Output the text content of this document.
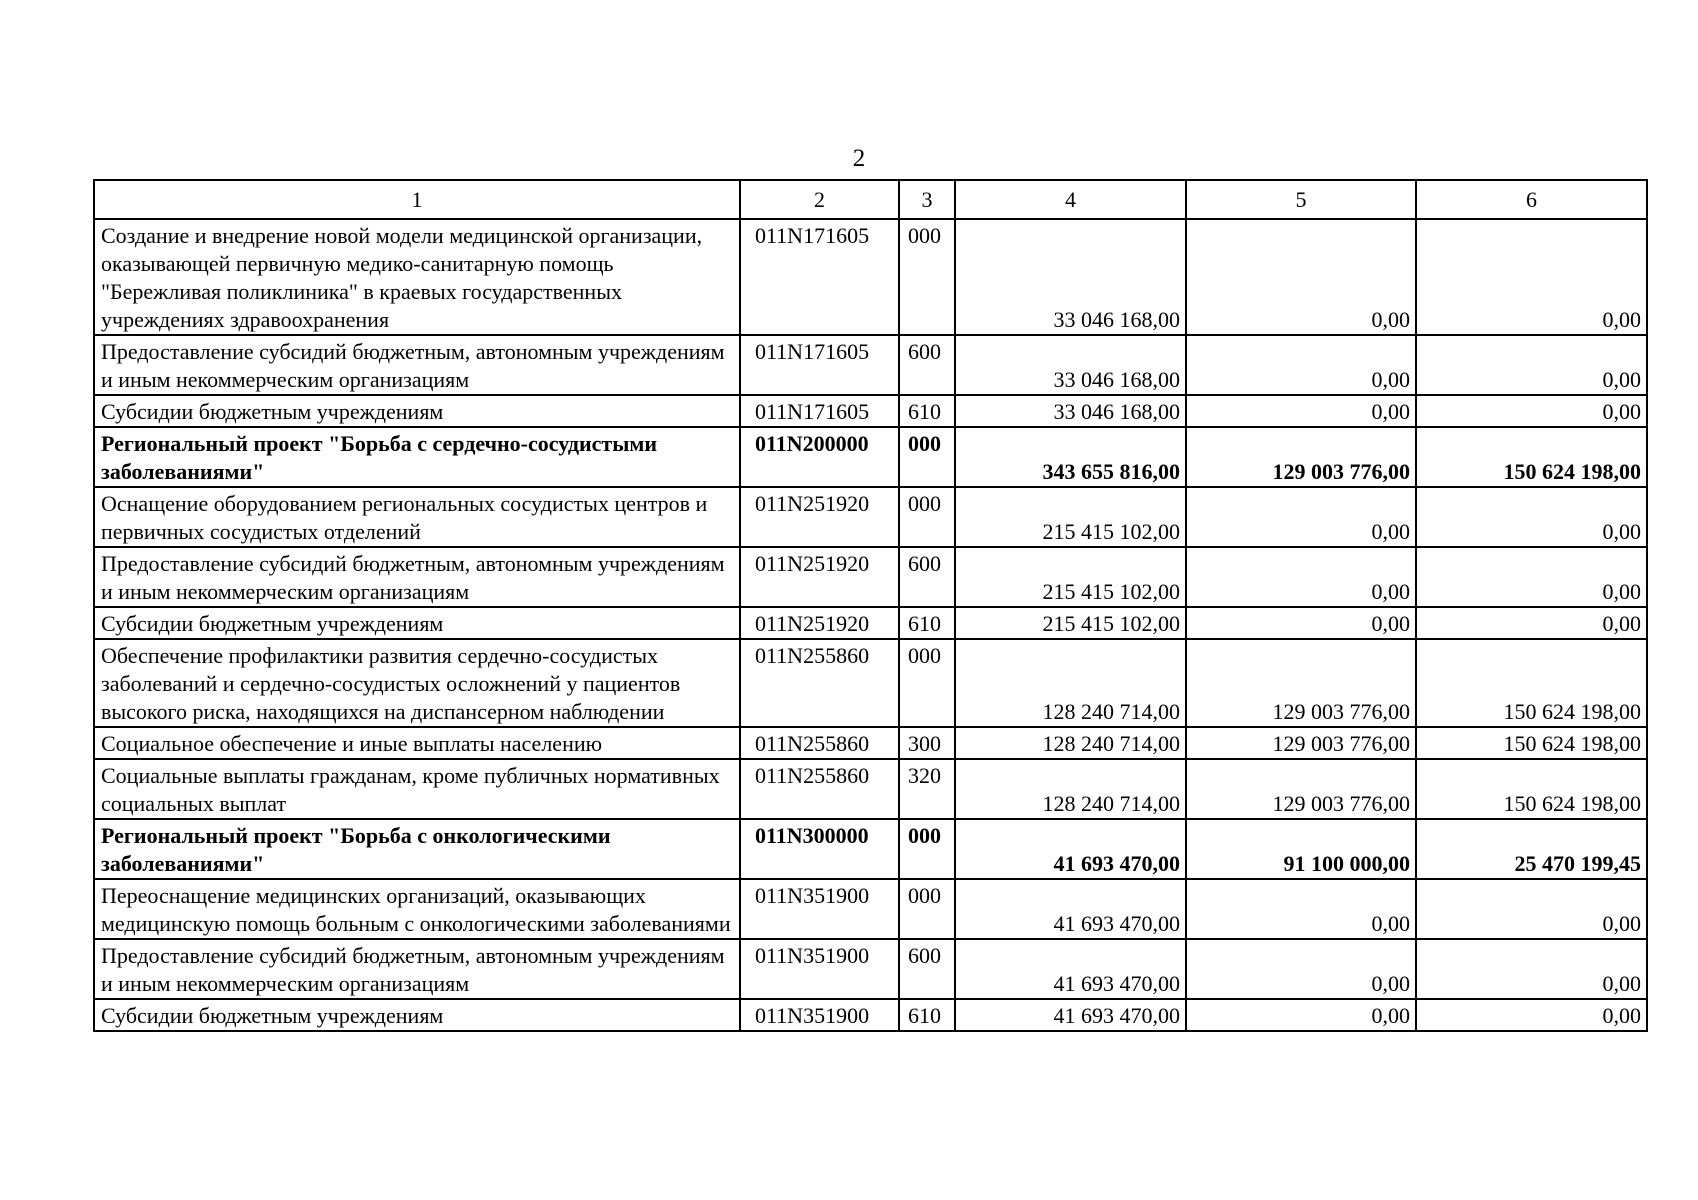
2
1	2	3	4	5	6
Создание и внедрение новой модели медицинской организации, оказывающей первичную медико-санитарную помощь "Бережливая поликлиника" в краевых государственных учреждениях здравоохранения	011N171605	000	33 046 168,00	0,00	0,00
Предоставление субсидий бюджетным, автономным учреждениям и иным некоммерческим организациям	011N171605	600	33 046 168,00	0,00	0,00
Субсидии бюджетным учреждениям	011N171605	610	33 046 168,00	0,00	0,00
Региональный проект "Борьба с сердечно-сосудистыми заболеваниями"	011N200000	000	343 655 816,00	129 003 776,00	150 624 198,00
Оснащение оборудованием региональных сосудистых центров и первичных сосудистых отделений	011N251920	000	215 415 102,00	0,00	0,00
Предоставление субсидий бюджетным, автономным учреждениям и иным некоммерческим организациям	011N251920	600	215 415 102,00	0,00	0,00
Субсидии бюджетным учреждениям	011N251920	610	215 415 102,00	0,00	0,00
Обеспечение профилактики развития сердечно-сосудистых заболеваний и сердечно-сосудистых осложнений у пациентов высокого риска, находящихся на диспансерном наблюдении	011N255860	000	128 240 714,00	129 003 776,00	150 624 198,00
Социальное обеспечение и иные выплаты населению	011N255860	300	128 240 714,00	129 003 776,00	150 624 198,00
Социальные выплаты гражданам, кроме публичных нормативных социальных выплат	011N255860	320	128 240 714,00	129 003 776,00	150 624 198,00
Региональный проект "Борьба с онкологическими заболеваниями"	011N300000	000	41 693 470,00	91 100 000,00	25 470 199,45
Переоснащение медицинских организаций, оказывающих медицинскую помощь больным с онкологическими заболеваниями	011N351900	000	41 693 470,00	0,00	0,00
Предоставление субсидий бюджетным, автономным учреждениям и иным некоммерческим организациям	011N351900	600	41 693 470,00	0,00	0,00
Субсидии бюджетным учреждениям	011N351900	610	41 693 470,00	0,00	0,00
